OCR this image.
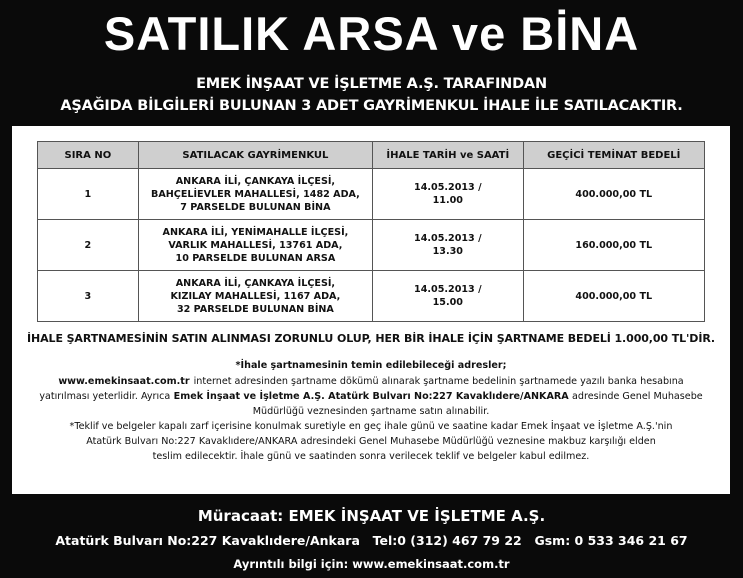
SATILIK ARSA ve BİNA
EMEK İNŞAAT VE İŞLETME A.Ş. TARAFINDAN
AŞAĞIDA BİLGİLERİ BULUNAN 3 ADET GAYRİMENKUL İHALE İLE SATILACAKTIR.
SIRA NO	SATILACAK GAYRİMENKUL	İHALE TARİH ve SAATİ	GEÇİCİ TEMİNAT BEDELİ
1	ANKARA İLİ, ÇANKAYA İLÇESİ,
BAHÇELİEVLER MAHALLESİ, 1482 ADA,
7 PARSELDE BULUNAN BİNA	14.05.2013 /
11.00	400.000,00 TL
2	ANKARA İLİ, YENİMAHALLE İLÇESİ,
VARLIK MAHALLESİ, 13761 ADA,
10 PARSELDE BULUNAN ARSA	14.05.2013 /
13.30	160.000,00 TL
3	ANKARA İLİ, ÇANKAYA İLÇESİ,
KIZILAY MAHALLESİ, 1167 ADA,
32 PARSELDE BULUNAN BİNA	14.05.2013 /
15.00	400.000,00 TL
İHALE ŞARTNAMESİNİN SATIN ALINMASI ZORUNLU OLUP, HER BİR İHALE İÇİN ŞARTNAME BEDELİ 1.000,00 TL'DİR.

*İhale şartnamesinin temin edilebileceği adresler;

www.emekinsaat.com.tr internet adresinden şartname dökümü alınarak şartname bedelinin şartnamede yazılı banka hesabına
yatırılması yeterlidir. Ayrıca Emek İnşaat ve İşletme A.Ş. Atatürk Bulvarı No:227 Kavaklıdere/ANKARA adresinde Genel Muhasebe
Müdürlüğü veznesinden şartname satın alınabilir.

*Teklif ve belgeler kapalı zarf içerisine konulmak suretiyle en geç ihale günü ve saatine kadar Emek İnşaat ve İşletme A.Ş.'nin
Atatürk Bulvarı No:227 Kavaklıdere/ANKARA adresindeki Genel Muhasebe Müdürlüğü veznesine makbuz karşılığı elden
teslim edilecektir. İhale günü ve saatinden sonra verilecek teklif ve belgeler kabul edilmez.

Müracaat: EMEK İNŞAAT VE İŞLETME A.Ş.
Atatürk Bulvarı No:227 Kavaklıdere/Ankara Tel:0 (312) 467 79 22 Gsm: 0 533 346 21 67
Ayrıntılı bilgi için: www.emekinsaat.com.tr
